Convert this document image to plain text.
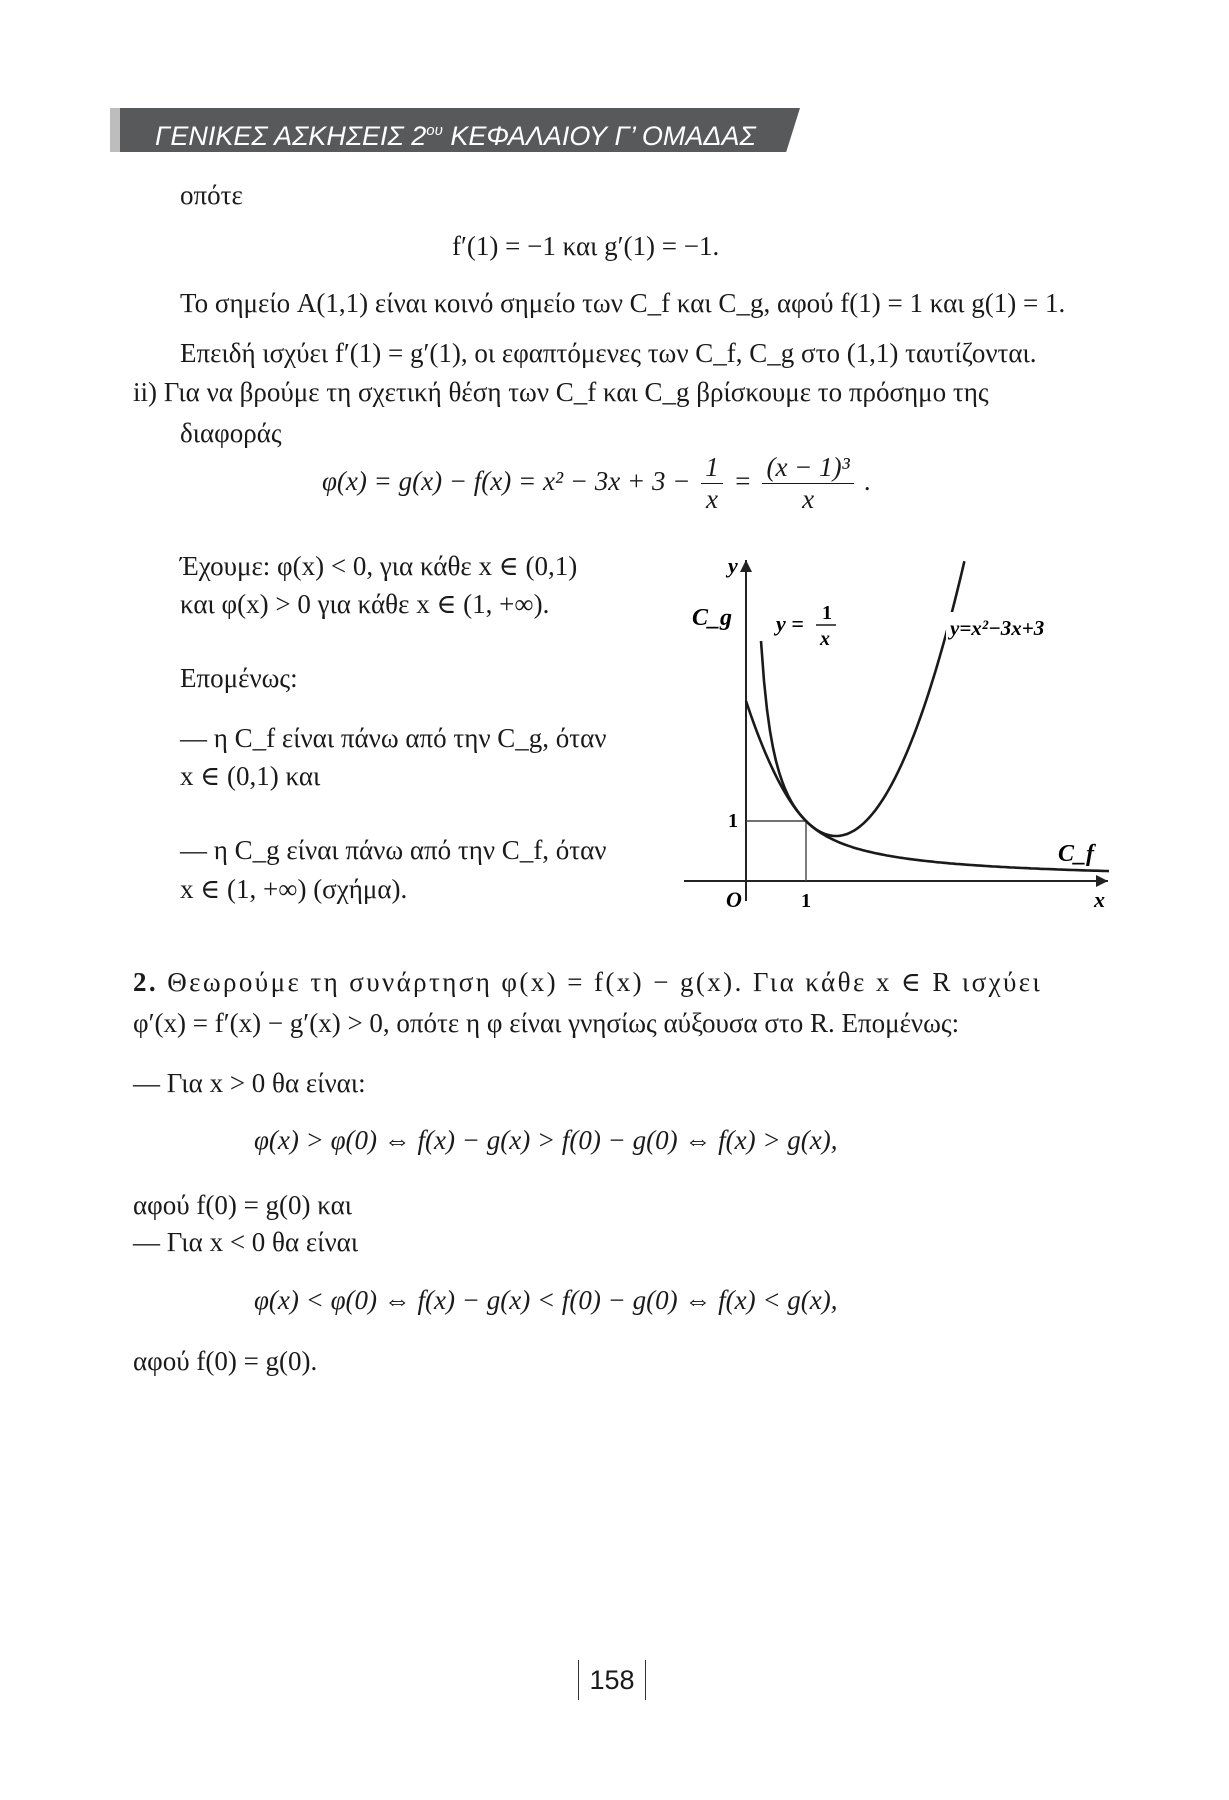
ΓΕΝΙΚΕΣ ΑΣΚΗΣΕΙΣ $2^{o\upsilon}$ ΚΕΦΑΛΑΙΟΥ Γ’ ΟΜΑΔΑΣ
οπότε
f′(1) = −1 και g′(1) = −1.
Το σημείο A(1,1) είναι κοινό σημείο των C_f και C_g, αφού f(1) = 1 και g(1) = 1.
Επειδή ισχύει f′(1) = g′(1), οι εφαπτόμενες των C_f, C_g στο (1,1) ταυτίζονται.
ii) Για να βρούμε τη σχετική θέση των C_f και C_g βρίσκουμε το πρόσημο της
διαφοράς
$\varphi(x) = g(x) - f(x) = x^2 - 3x + 3 - \frac{1}{x} = \frac{\text{(x − 1)³}}{x}$ .
Έχουμε: φ(x) < 0, για κάθε x ∈ (0,1)
και φ(x) > 0 για κάθε x ∈ (1, +∞).
Επομένως:
— η C_f είναι πάνω από την C_g, όταν
x ∈ (0,1) και
— η C_g είναι πάνω από την C_f, όταν
x ∈ (1, +∞) (σχήμα).
y
x
O	1
1
C_g
C_f
y = 1
x	y=x²−3x+3
2. Θεωρούμε τη συνάρτηση φ(x) = f(x) − g(x). Για κάθε x ∈ R ισχύει
φ′(x) = f′(x) − g′(x) > 0, οπότε η φ είναι γνησίως αύξουσα στο R. Επομένως:
— Για x > 0 θα είναι:
φ(x) > φ(0) ⇔ f(x) − g(x) > f(0) − g(0) ⇔ f(x) > g(x),
αφού f(0) = g(0) και
— Για x < 0 θα είναι
φ(x) < φ(0) ⇔ f(x) − g(x) < f(0) − g(0) ⇔ f(x) < g(x),
αφού f(0) = g(0).
158
